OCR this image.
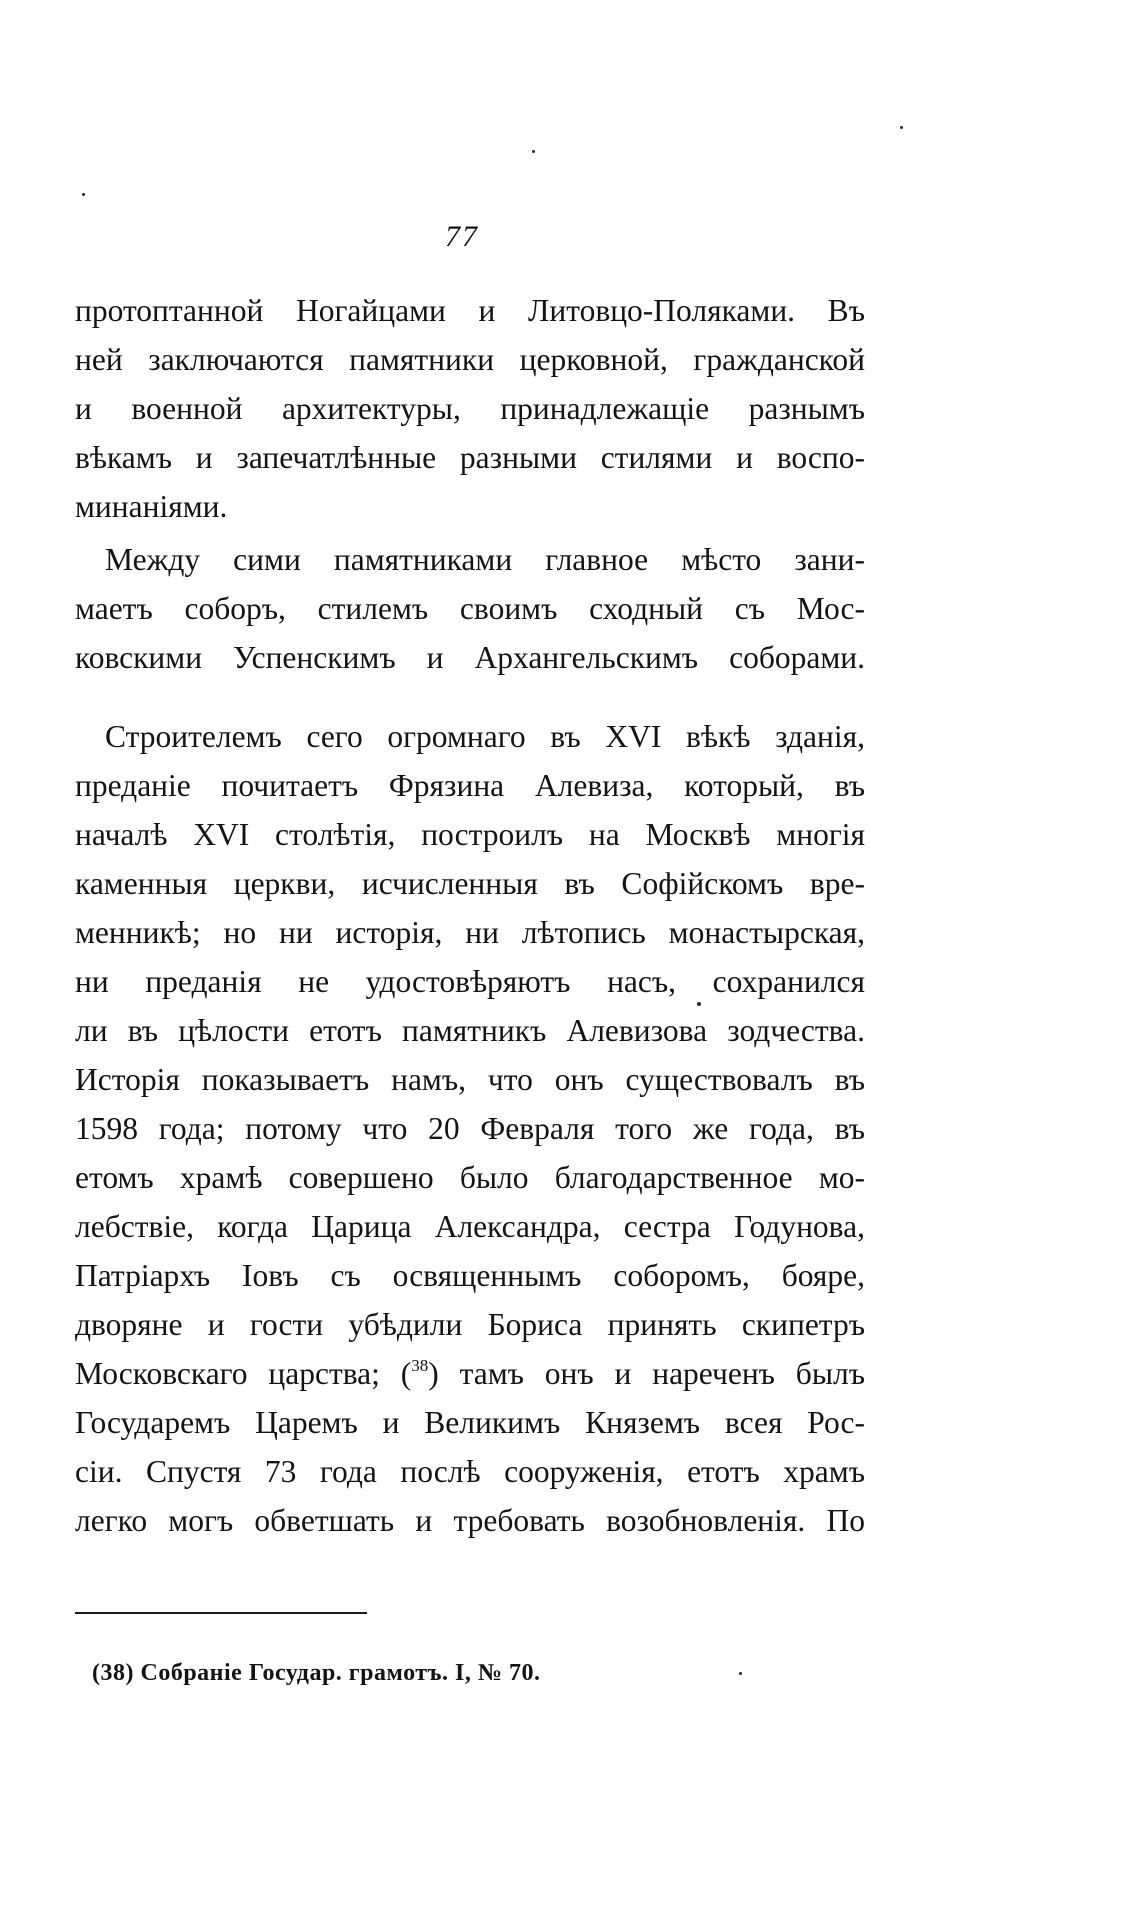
77
протоптанной Ногайцами и Литовцо-Поляками. Въ
ней заключаются памятники церковной, гражданской
и военной архитектуры, принадлежащіе разнымъ
вѣкамъ и запечатлѣнные разными стилями и воспо-
минаніями.
Между сими памятниками главное мѣсто зани-
маетъ соборъ, стилемъ своимъ сходный съ Мос-
ковскими Успенскимъ и Архангельскимъ соборами.
Строителемъ сего огромнаго въ XVI вѣкѣ зданія,
преданіе почитаетъ Фрязина Алевиза, который, въ
началѣ XVI столѣтія, построилъ на Москвѣ многія
каменныя церкви, исчисленныя въ Софійскомъ вре-
менникѣ; но ни исторія, ни лѣтопись монастырская,
ни преданія не удостовѣряютъ насъ, сохранился
ли въ цѣлости етотъ памятникъ Алевизова зодчества.
Исторія показываетъ намъ, что онъ существовалъ въ
1598 года; потому что 20 Февраля того же года, въ
етомъ храмѣ совершено было благодарственное мо-
лебствіе, когда Царица Александра, сестра Годунова,
Патріархъ Іовъ съ освященнымъ соборомъ, бояре,
дворяне и гости убѣдили Бориса принять скипетръ
Московскаго царства; ($^{38}$) тамъ онъ и нареченъ былъ
Государемъ Царемъ и Великимъ Княземъ всея Рос-
сіи. Спустя 73 года послѣ сооруженія, етотъ храмъ
легко могъ обветшать и требовать возобновленія. По
(38) Собраніе Государ. грамотъ. I, № 70.
